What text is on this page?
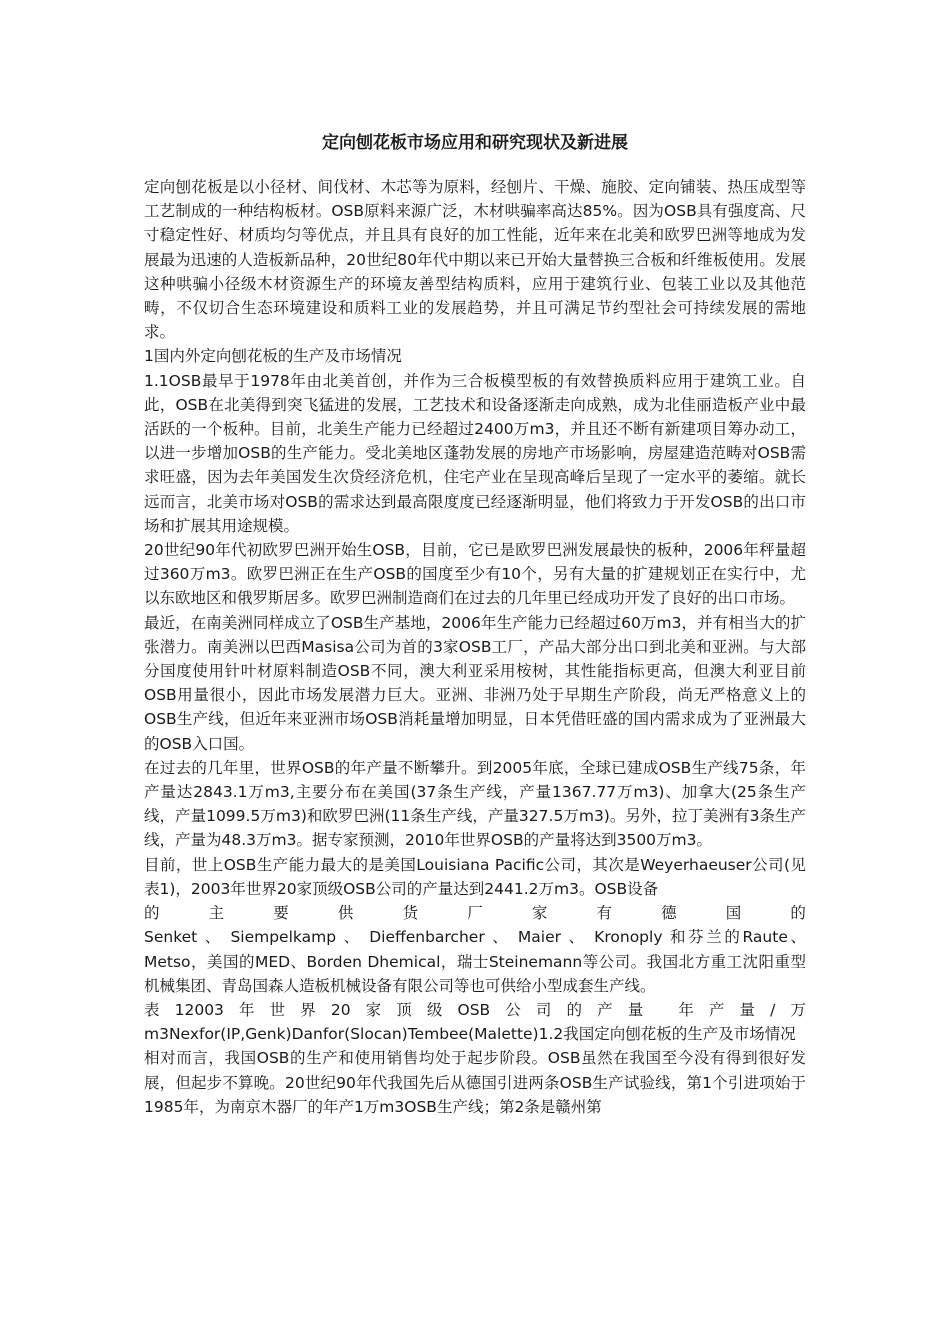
定向刨花板市场应用和研究现状及新进展

定向刨花板是以小径材、间伐材、木芯等为原料，经刨片、干燥、施胶、定向铺装、热压成型等工艺制成的一种结构板材。OSB原料来源广泛，木材哄骗率高达85%。因为OSB具有强度高、尺寸稳定性好、材质均匀等优点，并且具有良好的加工性能，近年来在北美和欧罗巴洲等地成为发展最为迅速的人造板新品种，20世纪80年代中期以来已开始大量替换三合板和纤维板使用。发展这种哄骗小径级木材资源生产的环境友善型结构质料，应用于建筑行业、包装工业以及其他范畴，不仅切合生态环境建设和质料工业的发展趋势，并且可满足节约型社会可持续发展的需地求。

1国内外定向刨花板的生产及市场情况

1.1OSB最早于1978年由北美首创，并作为三合板模型板的有效替换质料应用于建筑工业。自此，OSB在北美得到突飞猛进的发展，工艺技术和设备逐渐走向成熟，成为北佳丽造板产业中最活跃的一个板种。目前，北美生产能力已经超过2400万m3，并且还不断有新建项目筹办动工，以进一步增加OSB的生产能力。受北美地区蓬勃发展的房地产市场影响，房屋建造范畴对OSB需求旺盛，因为去年美国发生次贷经济危机，住宅产业在呈现高峰后呈现了一定水平的萎缩。就长远而言，北美市场对OSB的需求达到最高限度度已经逐渐明显，他们将致力于开发OSB的出口市场和扩展其用途规模。

20世纪90年代初欧罗巴洲开始生OSB，目前，它已是欧罗巴洲发展最快的板种，2006年秤量超过360万m3。欧罗巴洲正在生产OSB的国度至少有10个，另有大量的扩建规划正在实行中，尤以东欧地区和俄罗斯居多。欧罗巴洲制造商们在过去的几年里已经成功开发了良好的出口市场。

最近，在南美洲同样成立了OSB生产基地，2006年生产能力已经超过60万m3，并有相当大的扩张潜力。南美洲以巴西Masisa公司为首的3家OSB工厂，产品大部分出口到北美和亚洲。与大部分国度使用针叶材原料制造OSB不同，澳大利亚采用桉树，其性能指标更高，但澳大利亚目前OSB用量很小，因此市场发展潜力巨大。亚洲、非洲乃处于早期生产阶段，尚无严格意义上的OSB生产线，但近年来亚洲市场OSB消耗量增加明显，日本凭借旺盛的国内需求成为了亚洲最大的OSB入口国。

在过去的几年里，世界OSB的年产量不断攀升。到2005年底，全球已建成OSB生产线75条，年产量达2843.1万m3,主要分布在美国(37条生产线，产量1367.77万m3)、加拿大(25条生产线，产量1099.5万m3)和欧罗巴洲(11条生产线，产量327.5万m3)。另外，拉丁美洲有3条生产线，产量为48.3万m3。据专家预测，2010年世界OSB的产量将达到3500万m3。

目前，世上OSB生产能力最大的是美国Louisiana Pacific公司，其次是Weyerhaeuser公司(见表1)，2003年世界20家顶级OSB公司的产量达到2441.2万m3。OSB设备

的	主	要	供	货	厂	家	有	德	国	的

Senket 、 Siempelkamp 、 Dieffenbarcher 、 Maier 、 Kronoply 和芬兰的Raute、Metso，美国的MED、Borden Dhemical，瑞士Steinemann等公司。我国北方重工沈阳重型机械集团、青岛国森人造板机械设备有限公司等也可供给小型成套生产线。

表12003年世界20家顶级OSB公司的产量 年产量/万m3Nexfor(IP,Genk)Danfor(Slocan)Tembee(Malette)1.2我国定向刨花板的生产及市场情况

相对而言，我国OSB的生产和使用销售均处于起步阶段。OSB虽然在我国至今没有得到很好发展，但起步不算晚。20世纪90年代我国先后从德国引进两条OSB生产试验线，第1个引进项始于1985年，为南京木器厂的年产1万m3OSB生产线；第2条是赣州第
